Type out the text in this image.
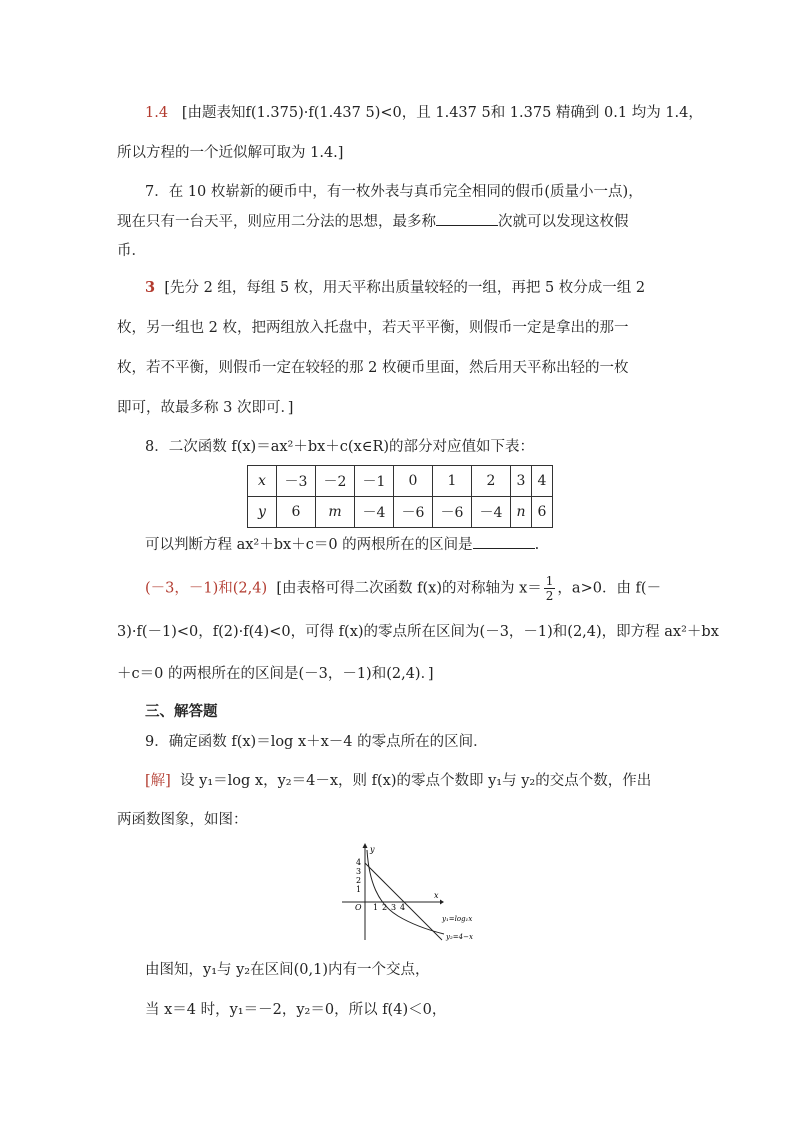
1.4 [由题表知f(1.375)·f(1.437 5)<0，且 1.437 5和 1.375 精确到 0.1 均为 1.4，
所以方程的一个近似解可取为 1.4.]
7．在 10 枚崭新的硬币中，有一枚外表与真币完全相同的假币(质量小一点)，
现在只有一台天平，则应用二分法的思想，最多称	次就可以发现这枚假
币．
3 [先分 2 组，每组 5 枚，用天平称出质量较轻的一组，再把 5 枚分成一组 2
枚，另一组也 2 枚，把两组放入托盘中，若天平平衡，则假币一定是拿出的那一
枚，若不平衡，则假币一定在较轻的那 2 枚硬币里面，然后用天平称出轻的一枚
即可，故最多称 3 次即可．]
8．二次函数 f(x)＝ax²＋bx＋c(x∈R)的部分对应值如下表：
x	－3	－2	－1	0	1	2	3	4
y	6	m	－4	－6	－6	－4	n	6
可以判断方程 ax²＋bx＋c＝0 的两根所在的区间是	.
(－3，－1)和(2,4) [由表格可得二次函数 f(x)的对称轴为 $x= \frac{1}{2}$ ，a>0．由 f(－
3)·f(－1)<0，f(2)·f(4)<0，可得 f(x)的零点所在区间为(－3，－1)和(2,4)，即方程 ax²＋bx
＋c＝0 的两根所在的区间是(－3，－1)和(2,4)．]
三、解答题
9．确定函数 f(x)＝log x＋x－4 的零点所在的区间．
[解] 设 y₁＝log x，y₂＝4－x，则 f(x)的零点个数即 y₁与 y₂的交点个数，作出
两函数图象，如图：
y
x
O
4
3
2
1
1 2 3 4
y₁=log₁x
y₂=4−x
由图知，y₁与 y₂在区间(0,1)内有一个交点，
当 x＝4 时，y₁＝－2，y₂＝0，所以 f(4)＜0，
